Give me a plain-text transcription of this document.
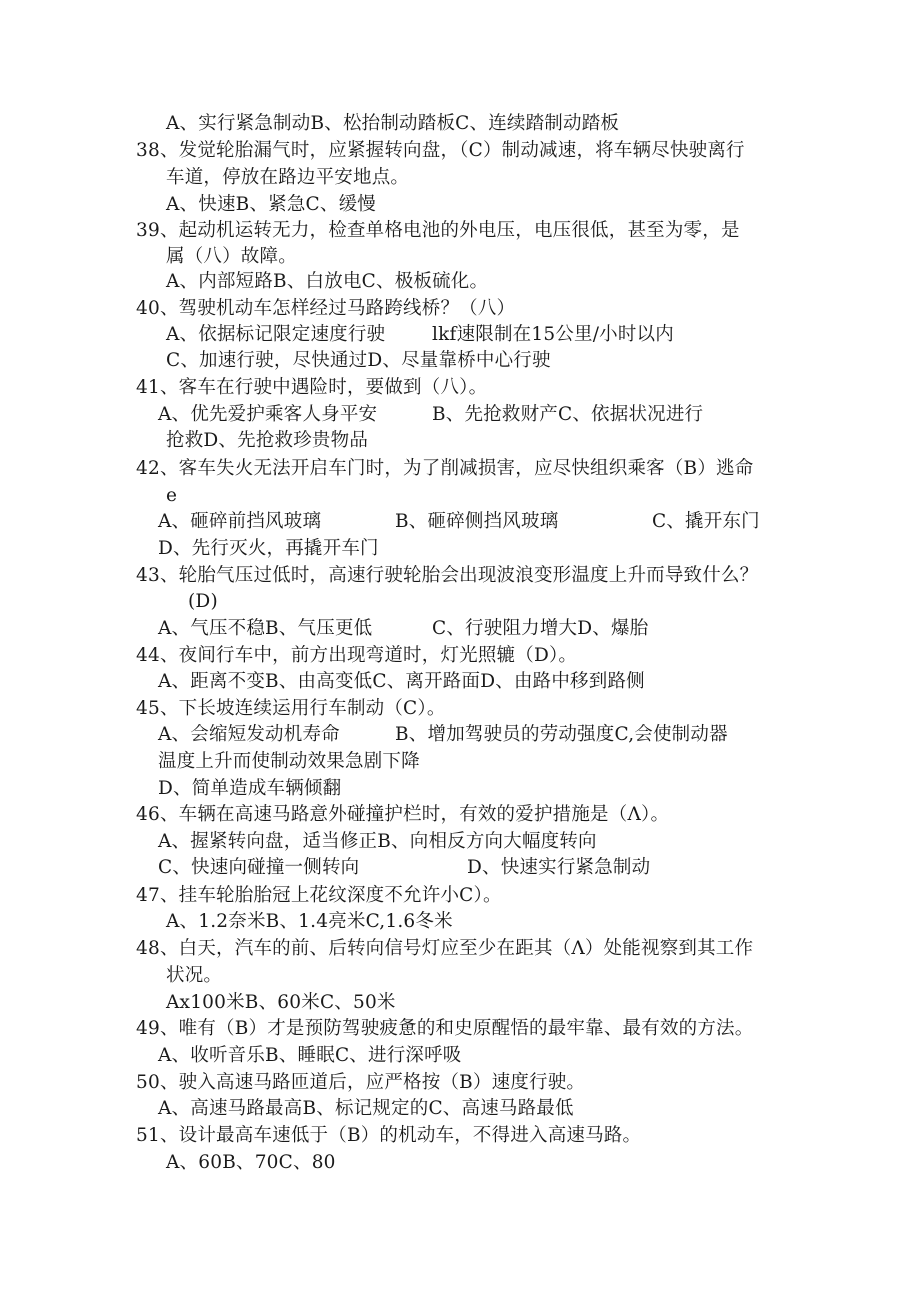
A、实行紧急制动B、松抬制动踏板C、连续踏制动踏板
38、发觉轮胎漏气时，应紧握转向盘，（C）制动减速，将车辆尽快驶离行
车道，停放在路边平安地点。
A、快速B、紧急C、缓慢
39、起动机运转无力，检查单格电池的外电压，电压很低，甚至为零，是
属（八）故障。
A、内部短路B、白放电C、极板硫化。
40、驾驶机动车怎样经过马路跨线桥？（八）
A、依据标记限定速度行驶	lkf速限制在15公里/小时以内
C、加速行驶，尽快通过D、尽量靠桥中心行驶
41、客车在行驶中遇险时，要做到（八）。
A、优先爱护乘客人身平安	B、先抢救财产C、依据状况进行
抢救D、先抢救珍贵物品
42、客车失火无法开启车门时，为了削减损害，应尽快组织乘客（B）逃命
e
A、砸碎前挡风玻璃	B、砸碎侧挡风玻璃	C、撬开东门
D、先行灭火，再撬开车门
43、轮胎气压过低时，高速行驶轮胎会出现波浪变形温度上升而导致什么？
(D)
A、气压不稳B、气压更低	C、行驶阻力增大D、爆胎
44、夜间行车中，前方出现弯道时，灯光照辘（D）。
A、距离不变B、由高变低C、离开路面D、由路中移到路侧
45、下长坡连续运用行车制动（C）。
A、会缩短发动机寿命	B、增加驾驶员的劳动强度C,会使制动器
温度上升而使制动效果急剧下降
D、简单造成车辆倾翻
46、车辆在高速马路意外碰撞护栏时，有效的爱护措施是（Λ）。
A、握紧转向盘，适当修正B、向相反方向大幅度转向
C、快速向碰撞一侧转向	D、快速实行紧急制动
47、挂车轮胎胎冠上花纹深度不允许小C）。
A、1.2奈米B、1.4亮米C,1.6冬米
48、白天，汽车的前、后转向信号灯应至少在距其（Λ）处能视察到其工作
状况。
Ax100米B、60米C、50米
49、唯有（B）才是预防驾驶疲惫的和史原醒悟的最牢靠、最有效的方法。
A、收听音乐B、睡眠C、进行深呼吸
50、驶入高速马路匝道后，应严格按（B）速度行驶。
A、高速马路最高B、标记规定的C、高速马路最低
51、设计最高车速低于（B）的机动车，不得进入高速马路。
A、60B、70C、80
